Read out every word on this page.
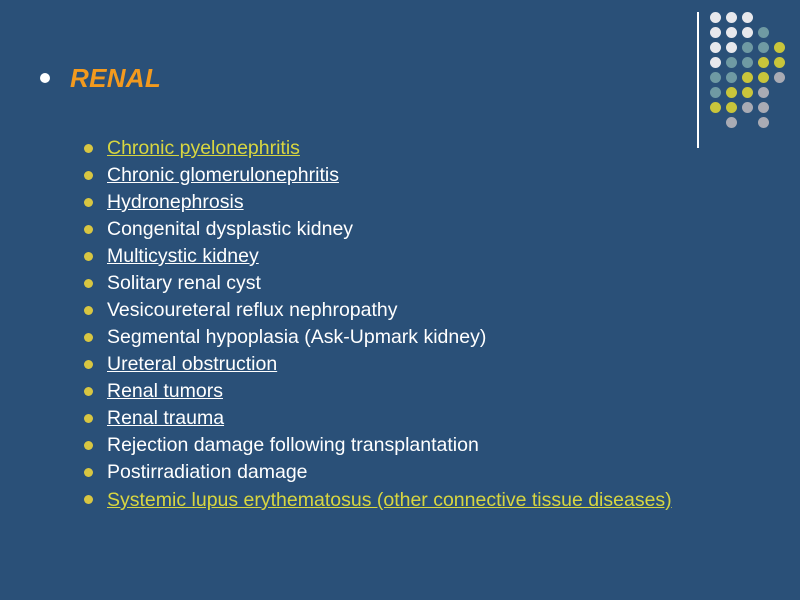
RENAL
Chronic pyelonephritis
Chronic glomerulonephritis
Hydronephrosis
Congenital dysplastic kidney
Multicystic kidney
Solitary renal cyst
Vesicoureteral reflux nephropathy
Segmental hypoplasia (Ask-Upmark kidney)
Ureteral obstruction
Renal tumors
Renal trauma
Rejection damage following transplantation
Postirradiation damage
Systemic lupus erythematosus (other connective tissue diseases)
